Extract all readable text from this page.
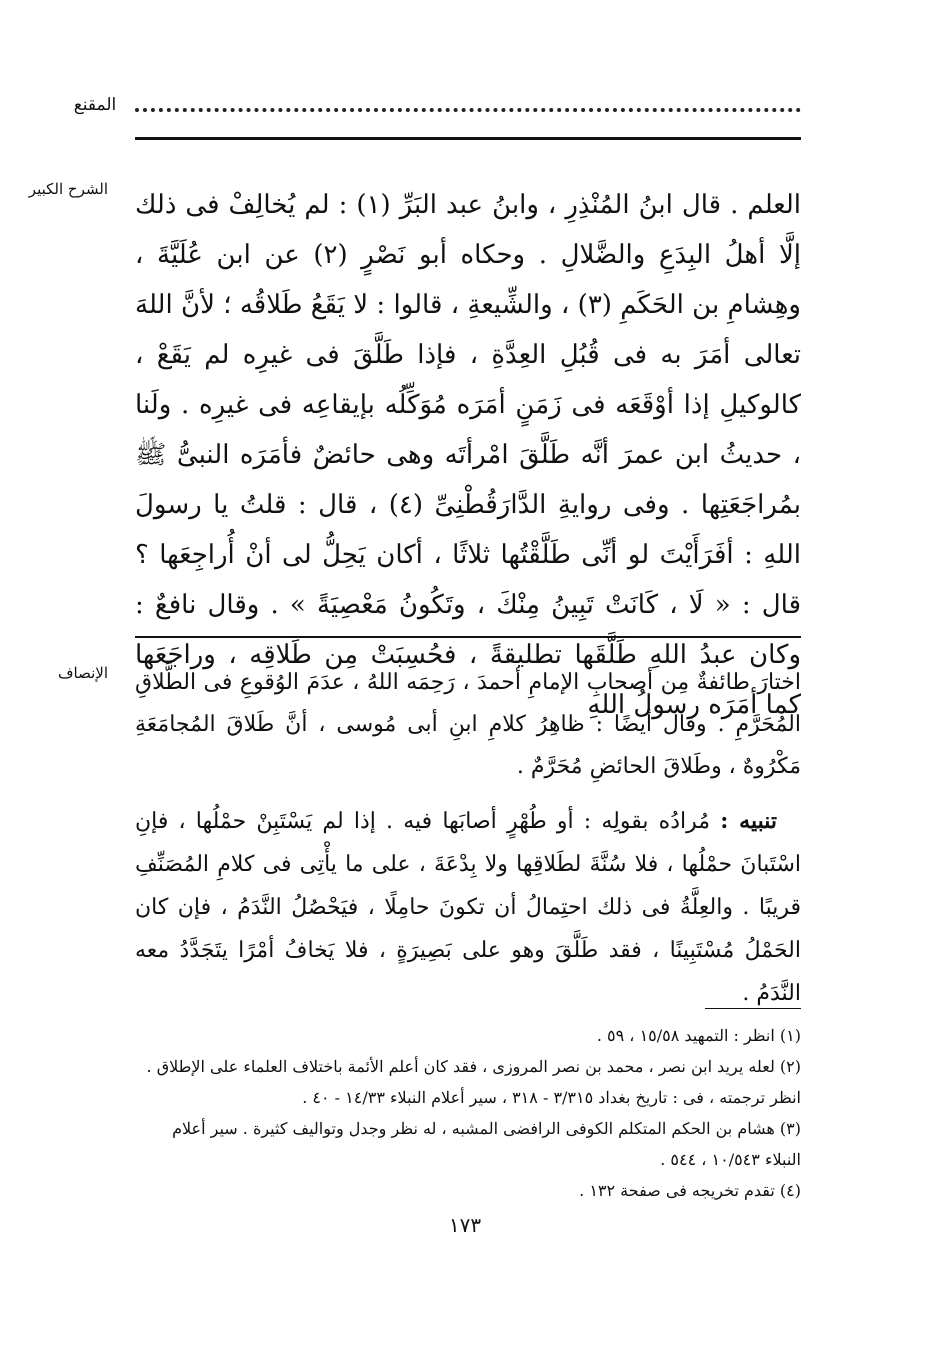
المقنع
الشرح الكبير

العلم . قال ابنُ المُنْذِرِ ، وابنُ عبد البَرِّ (١) : لم يُخالِفْ فى ذلك إلَّا أهلُ البِدَعِ والضَّلالِ . وحكاه أبو نَصْرٍ (٢) عن ابن عُلَيَّةَ ، وهِشامِ بن الحَكَمِ (٣) ، والشِّيعةِ ، قالوا : لا يَقَعُ طَلاقُه ؛ لأنَّ اللهَ تعالى أمَرَ به فى قُبُلِ العِدَّةِ ، فإذا طَلَّقَ فى غيرِه لم يَقَعْ ، كالوكيلِ إذا أوْقَعَه فى زَمَنٍ أمَرَه مُوَكِّلُه بإيقاعِه فى غيرِه . ولَنا ، حديثُ ابن عمرَ أنَّه طَلَّقَ امْرأتَه وهى حائضٌ فأمَرَه النبىُّ ﷺ بمُراجَعَتِها . وفى روايةِ الدَّارَقُطْنِىِّ (٤) ، قال : قلتُ يا رسولَ اللهِ : أفَرَأَيْتَ لو أنِّى طَلَّقْتُها ثلاثًا ، أكان يَحِلُّ لى أنْ أُراجِعَها ؟ قال : « لَا ، كَانَتْ تَبِينُ مِنْكَ ، وتَكُونُ مَعْصِيَةً » . وقال نافعٌ : وكان عبدُ اللهِ طَلَّقَها تطليقةً ، فحُسِبَتْ مِن طَلاقِه ، وراجَعَها كما أمَرَه رسولُ اللهِ

الإنصاف اختارَ طائفةٌ مِن أصحابِ الإمامِ أحمدَ ، رَحِمَه اللهُ ، عدَمَ الوُقوعِ فى الطَّلاقِ المُحَرَّمِ . وقال أيضًا : ظاهِرُ كلامِ ابنِ أبى مُوسى ، أنَّ طَلاقَ المُجامَعَةِ مَكْرُوهٌ ، وطَلاقَ الحائضِ مُحَرَّمٌ .

تنبيه : مُرادُه بقولِه : أو طُهْرٍ أصابَها فيه . إذا لم يَسْتَبِنْ حمْلُها ، فإنِ اسْتَبانَ حمْلُها ، فلا سُنَّةَ لطَلاقِها ولا بِدْعَةَ ، على ما يأْتِى فى كلامِ المُصَنِّفِ قريبًا . والعِلَّةُ فى ذلك احتِمالُ أن تكونَ حامِلًا ، فيَحْصُلُ النَّدَمُ ، فإن كان الحَمْلُ مُسْتَبِينًا ، فقد طَلَّقَ وهو على بَصِيرَةٍ ، فلا يَخافُ أمْرًا يتَجَدَّدُ معه النَّدَمُ .

(١) انظر : التمهيد ١٥/٥٨ ، ٥٩ .

(٢) لعله يريد ابن نصر ، محمد بن نصر المروزى ، فقد كان أعلم الأئمة باختلاف العلماء على الإطلاق . انظر ترجمته ، فى : تاريخ بغداد ٣/٣١٥ - ٣١٨ ، سير أعلام النبلاء ١٤/٣٣ - ٤٠ .

(٣) هشام بن الحكم المتكلم الكوفى الرافضى المشبه ، له نظر وجدل وتواليف كثيرة . سير أعلام النبلاء ١٠/٥٤٣ ، ٥٤٤ .

(٤) تقدم تخريجه فى صفحة ١٣٢ .

١٧٣
